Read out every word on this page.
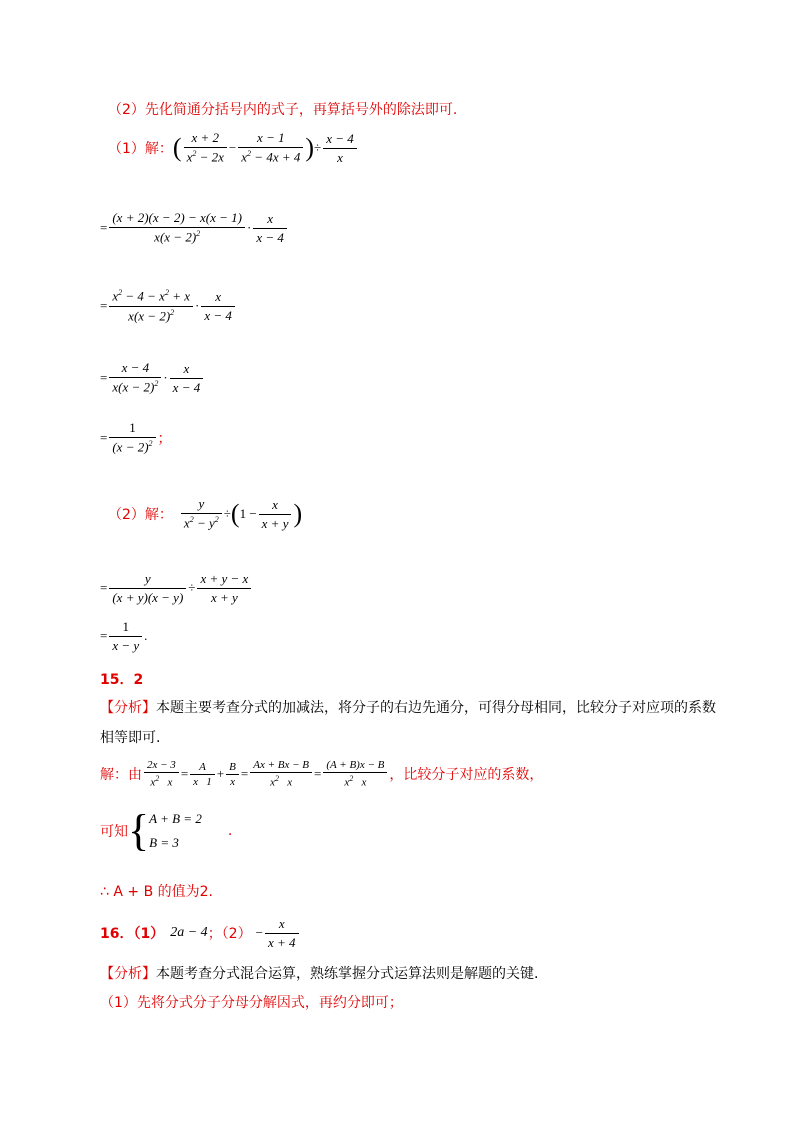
（2）先化简通分括号内的式子，再算括号外的除法即可.
（1）解： ( $\frac{x + 2}{x^2 - 2x} - \frac{x - 1}{x^2 - 4x + 4}$ ) ÷ $\frac{x - 4}{x}$
= $\frac{(x + 2)(x - 2) - x(x - 1)}{x(x - 2)^2} \cdot \frac{x}{x - 4}$
= $\frac{x^2 - 4 - x^2 + x}{x(x - 2)^2} \cdot \frac{x}{x - 4}$
= $\frac{x - 4}{x(x - 2)^2} \cdot \frac{x}{x - 4}$
= $\frac{1}{(x - 2)^2}$ ；
（2）解： $\frac{y}{x^2 - y^2}$ ÷ ( $1 - \frac{x}{x + y}$ )
= $\frac{y}{(x + y)(x - y)} \div \frac{x + y - x}{x + y}$
= $\frac{1}{x - y}$ .
15．2
【分析】本题主要考查分式的加减法，将分子的右边先通分，可得分母相同，比较分子对应项的系数
相等即可.
解：由 $\frac{2x - 3}{x^2 x} = \frac{A}{x 1} + \frac{B}{x} = \frac{Ax + Bx - B}{x^2 x} = \frac{(A + B)x - B}{x^2 x}$ ，比较分子对应的系数，
可知 { A + B = 2
B = 3
.
∴ A + B 的值为2.
16．（1） 2a − 4 ；$(2) - \frac{x}{x + 4}$
【分析】本题考查分式混合运算，熟练掌握分式运算法则是解题的关键.
（1）先将分式分子分母分解因式，再约分即可；
